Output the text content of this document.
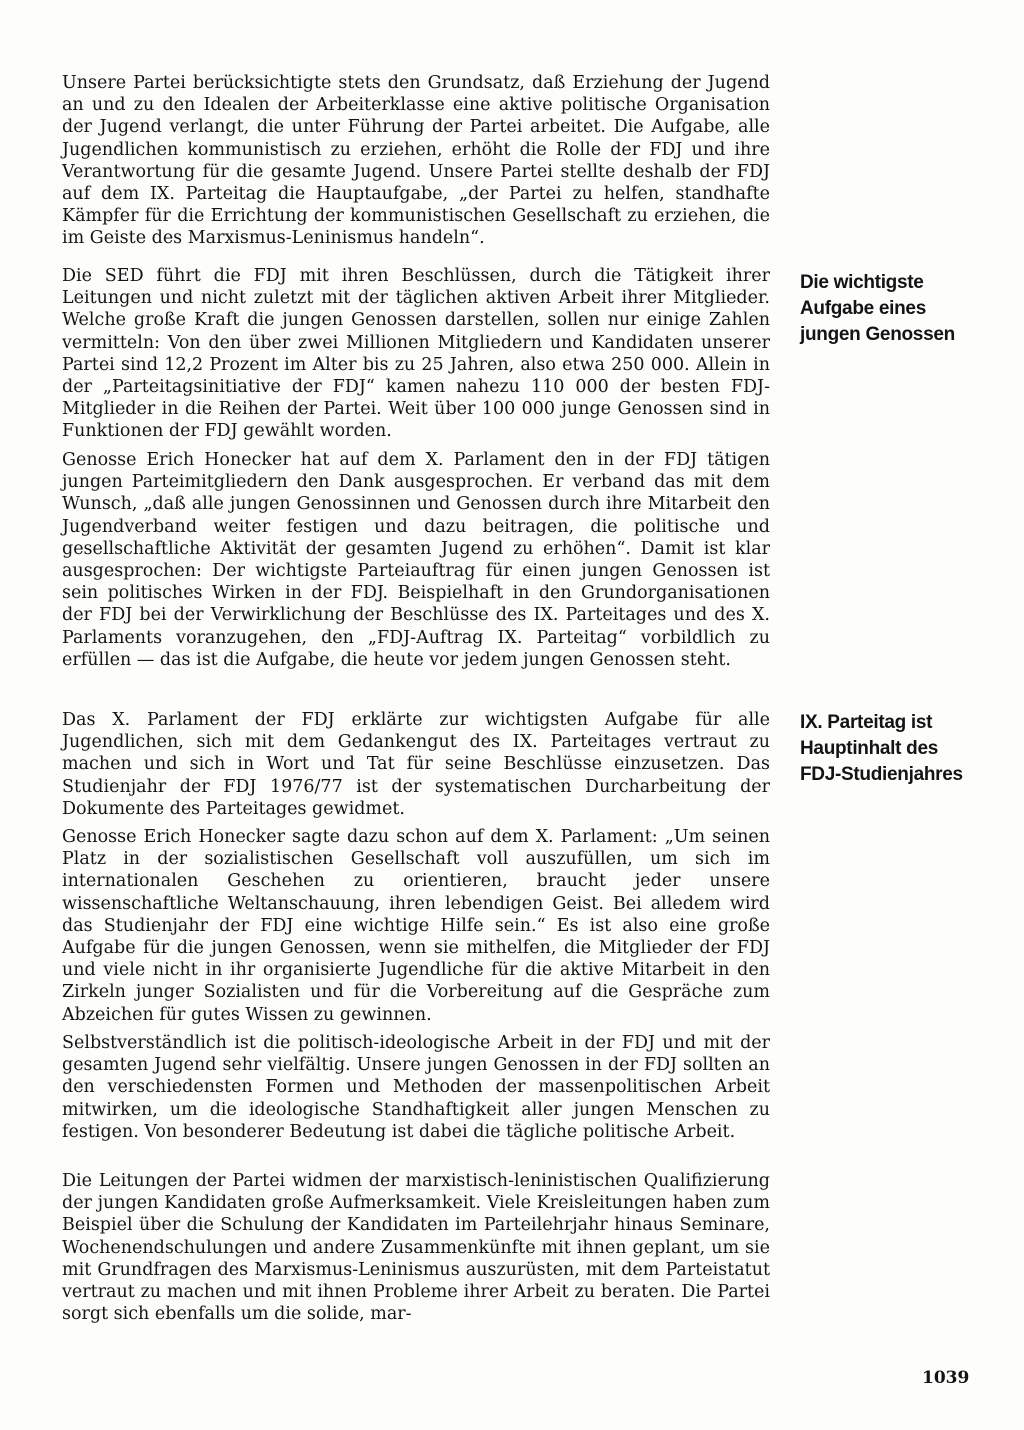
Unsere Partei berücksichtigte stets den Grundsatz, daß Erziehung der Jugend an und zu den Idealen der Arbeiterklasse eine aktive politische Organisation der Jugend verlangt, die unter Führung der Partei arbeitet. Die Aufgabe, alle Jugendlichen kommunistisch zu erziehen, erhöht die Rolle der FDJ und ihre Verantwortung für die gesamte Jugend. Unsere Partei stellte deshalb der FDJ auf dem IX. Parteitag die Hauptaufgabe, „der Partei zu helfen, standhafte Kämpfer für die Errichtung der kommunistischen Gesellschaft zu erziehen, die im Geiste des Marxismus-Leninismus handeln“.

Die SED führt die FDJ mit ihren Beschlüssen, durch die Tätigkeit ihrer Leitungen und nicht zuletzt mit der täglichen aktiven Arbeit ihrer Mitglieder. Welche große Kraft die jungen Genossen darstellen, sollen nur einige Zahlen vermitteln: Von den über zwei Millionen Mitgliedern und Kandidaten unserer Partei sind 12,2 Prozent im Alter bis zu 25 Jahren, also etwa 250 000. Allein in der „Parteitagsinitiative der FDJ“ kamen nahezu 110 000 der besten FDJ-Mitglieder in die Reihen der Partei. Weit über 100 000 junge Genossen sind in Funktionen der FDJ gewählt worden.

Genosse Erich Honecker hat auf dem X. Parlament den in der FDJ tätigen jungen Parteimitgliedern den Dank ausgesprochen. Er verband das mit dem Wunsch, „daß alle jungen Genossinnen und Genossen durch ihre Mitarbeit den Jugendverband weiter festigen und dazu beitragen, die politische und gesellschaftliche Aktivität der gesamten Jugend zu erhöhen“. Damit ist klar ausgesprochen: Der wichtigste Parteiauftrag für einen jungen Genossen ist sein politisches Wirken in der FDJ. Beispielhaft in den Grundorganisationen der FDJ bei der Verwirklichung der Beschlüsse des IX. Parteitages und des X. Parlaments voranzugehen, den „FDJ-Auftrag IX. Parteitag“ vorbildlich zu erfüllen — das ist die Aufgabe, die heute vor jedem jungen Genossen steht.

Das X. Parlament der FDJ erklärte zur wichtigsten Aufgabe für alle Jugendlichen, sich mit dem Gedankengut des IX. Parteitages vertraut zu machen und sich in Wort und Tat für seine Beschlüsse einzusetzen. Das Studienjahr der FDJ 1976/77 ist der systematischen Durcharbeitung der Dokumente des Parteitages gewidmet.

Genosse Erich Honecker sagte dazu schon auf dem X. Parlament: „Um seinen Platz in der sozialistischen Gesellschaft voll auszufüllen, um sich im internationalen Geschehen zu orientieren, braucht jeder unsere wissenschaftliche Weltanschauung, ihren lebendigen Geist. Bei alledem wird das Studienjahr der FDJ eine wichtige Hilfe sein.“ Es ist also eine große Aufgabe für die jungen Genossen, wenn sie mithelfen, die Mitglieder der FDJ und viele nicht in ihr organisierte Jugendliche für die aktive Mitarbeit in den Zirkeln junger Sozialisten und für die Vorbereitung auf die Gespräche zum Abzeichen für gutes Wissen zu gewinnen.

Selbstverständlich ist die politisch-ideologische Arbeit in der FDJ und mit der gesamten Jugend sehr vielfältig. Unsere jungen Genossen in der FDJ sollten an den verschiedensten Formen und Methoden der massenpolitischen Arbeit mitwirken, um die ideologische Standhaftigkeit aller jungen Menschen zu festigen. Von besonderer Bedeutung ist dabei die tägliche politische Arbeit.

Die Leitungen der Partei widmen der marxistisch-leninistischen Qualifizierung der jungen Kandidaten große Aufmerksamkeit. Viele Kreisleitungen haben zum Beispiel über die Schulung der Kandidaten im Parteilehrjahr hinaus Seminare, Wochenendschulungen und andere Zusammenkünfte mit ihnen geplant, um sie mit Grundfragen des Marxismus-Leninismus auszurüsten, mit dem Parteistatut vertraut zu machen und mit ihnen Probleme ihrer Arbeit zu beraten. Die Partei sorgt sich ebenfalls um die solide, mar-

Die wichtigste
Aufgabe eines
jungen Genossen
IX. Parteitag ist
Hauptinhalt des
FDJ-Studienjahres
1039
